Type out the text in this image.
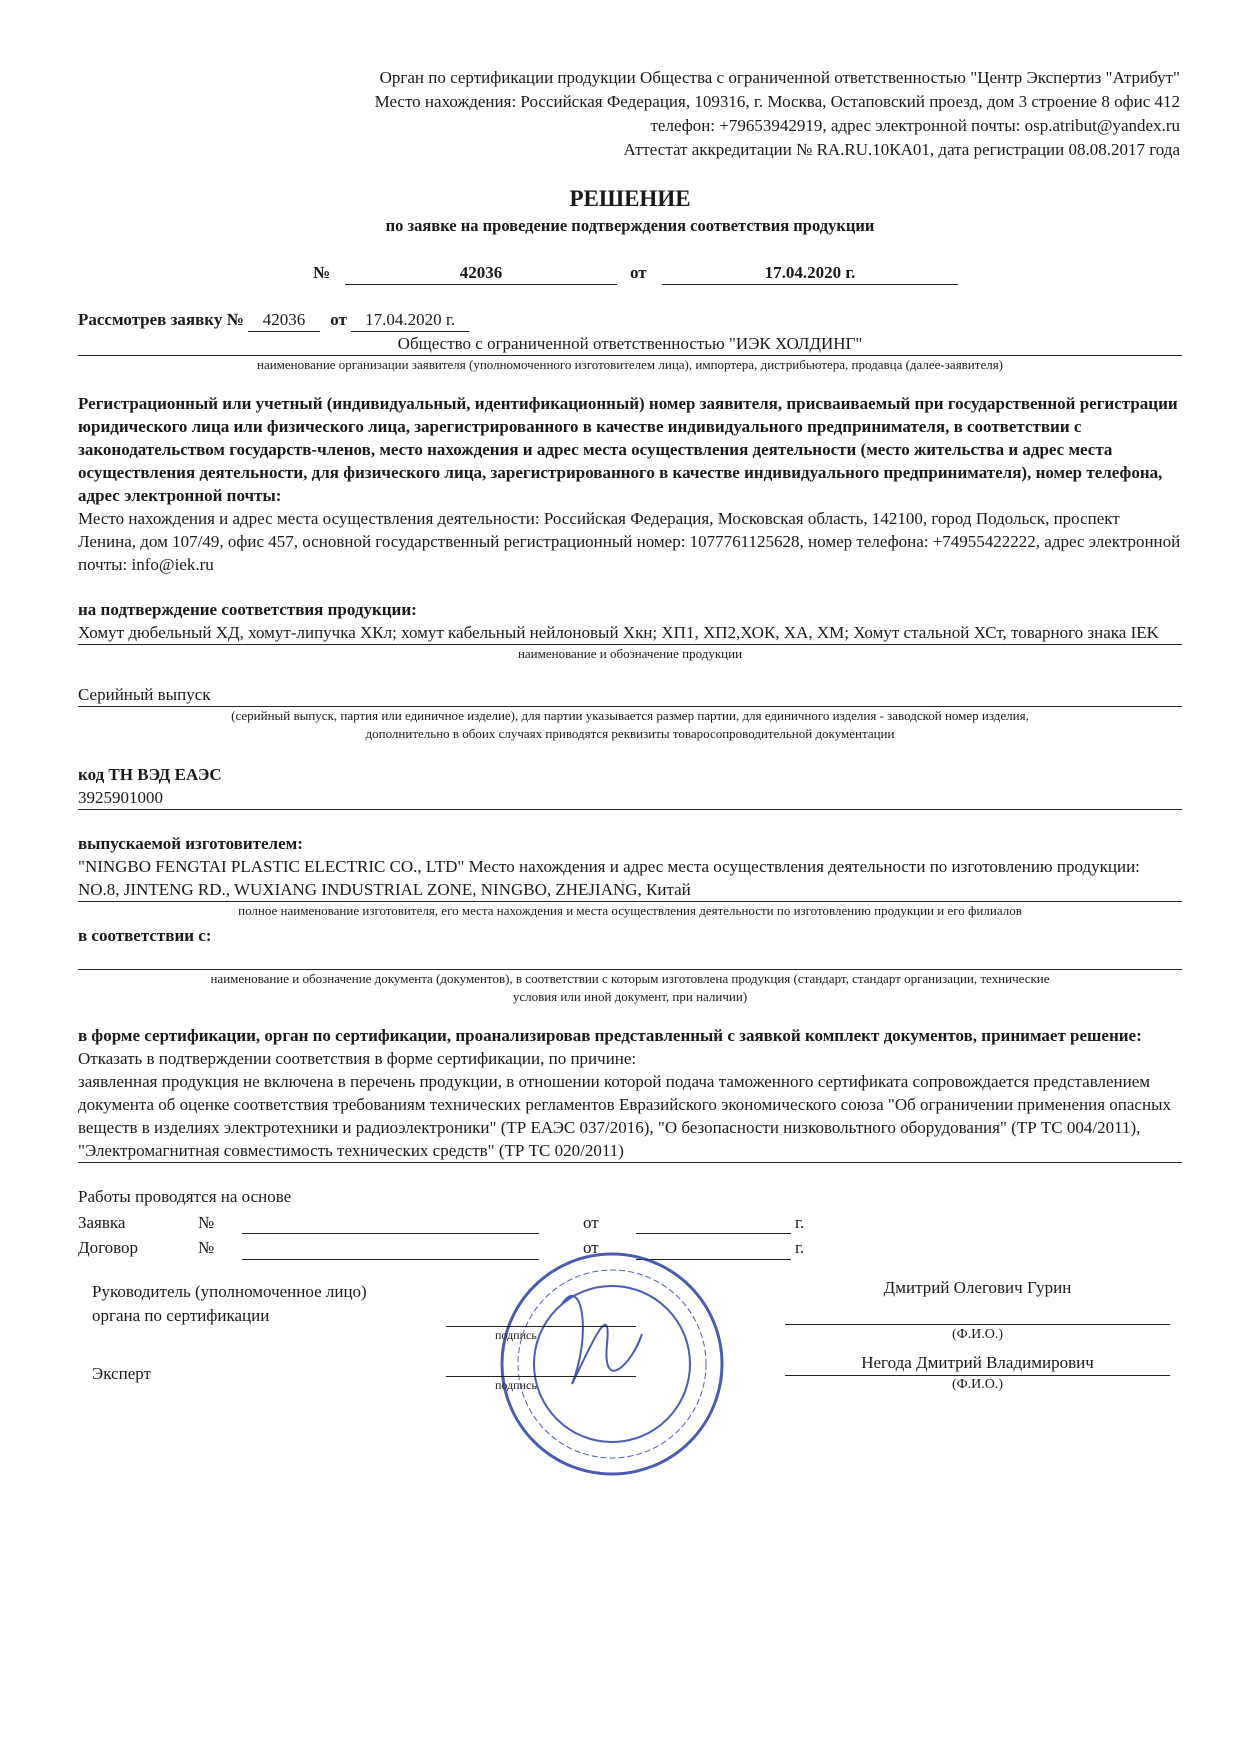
Орган по сертификации продукции Общества с ограниченной ответственностью "Центр Экспертиз "Атрибут"
Место нахождения: Российская Федерация, 109316, г. Москва, Остаповский проезд, дом 3 строение 8 офис 412
телефон: +79653942919, адрес электронной почты: osp.atribut@yandex.ru
Аттестат аккредитации № RA.RU.10КА01, дата регистрации 08.08.2017 года
РЕШЕНИЕ
по заявке на проведение подтверждения соответствия продукции
№	42036	от	17.04.2020 г.
Рассмотрев заявку № 42036 от 17.04.2020 г.
Общество с ограниченной ответственностью "ИЭК ХОЛДИНГ"
наименование организации заявителя (уполномоченного изготовителем лица), импортера, дистрибьютера, продавца (далее-заявителя)
Регистрационный или учетный (индивидуальный, идентификационный) номер заявителя, присваиваемый при государственной регистрации юридического лица или физического лица, зарегистрированного в качестве индивидуального предпринимателя, в соответствии с законодательством государств-членов, место нахождения и адрес места осуществления деятельности (место жительства и адрес места осуществления деятельности, для физического лица, зарегистрированного в качестве индивидуального предпринимателя), номер телефона, адрес электронной почты:
Место нахождения и адрес места осуществления деятельности: Российская Федерация, Московская область, 142100, город Подольск, проспект Ленина, дом 107/49, офис 457, основной государственный регистрационный номер: 1077761125628, номер телефона: +74955422222, адрес электронной почты: info@iek.ru
на подтверждение соответствия продукции:
Хомут дюбельный ХД, хомут-липучка ХКл; хомут кабельный нейлоновый Хкн; ХП1, ХП2,ХОК, ХА, ХМ; Хомут стальной ХСт, товарного знака IEK
наименование и обозначение продукции
Серийный выпуск
(серийный выпуск, партия или единичное изделие), для партии указывается размер партии, для единичного изделия - заводской номер изделия,
дополнительно в обоих случаях приводятся реквизиты товаросопроводительной документации
код ТН ВЭД ЕАЭС
3925901000
выпускаемой изготовителем:
"NINGBO FENGTAI PLASTIC ELECTRIC CO., LTD" Место нахождения и адрес места осуществления деятельности по изготовлению продукции: NO.8, JINTENG RD., WUXIANG INDUSTRIAL ZONE, NINGBO, ZHEJIANG, Китай
полное наименование изготовителя, его места нахождения и места осуществления деятельности по изготовлению продукции и его филиалов
в соответствии с:
наименование и обозначение документа (документов), в соответствии с которым изготовлена продукция (стандарт, стандарт организации, технические
условия или иной документ, при наличии)
в форме сертификации, орган по сертификации, проанализировав представленный с заявкой комплект документов, принимает решение:
Отказать в подтверждении соответствия в форме сертификации, по причине:
заявленная продукция не включена в перечень продукции, в отношении которой подача таможенного сертификата сопровождается представлением документа об оценке соответствия требованиям технических регламентов Евразийского экономического союза "Об ограничении применения опасных веществ в изделиях электротехники и радиоэлектроники" (ТР ЕАЭС 037/2016), "О безопасности низковольтного оборудования" (ТР ТС 004/2011), "Электромагнитная совместимость технических средств" (ТР ТС 020/2011)
Работы проводятся на основе
Заявка	№	от	г.
Договор	№	от	г.
Руководитель (уполномоченное лицо)
органа по сертификации
подпись
Дмитрий Олегович Гурин
(Ф.И.О.)
Эксперт
подпись
Негода Дмитрий Владимирович
(Ф.И.О.)
